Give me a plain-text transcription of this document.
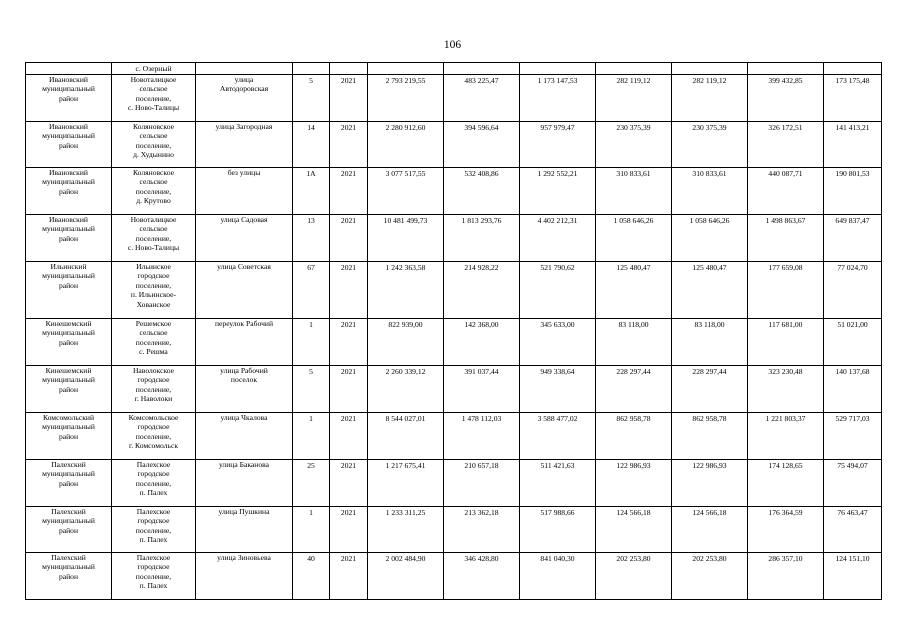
106
	с. Озерный										
Ивановский
муниципальный
район	Новоталицкое
сельское
поселение,
с. Ново-Талицы	улица
Автодоровская	5	2021	2 793 219,55	483 225,47	1 173 147,53	282 119,12	282 119,12	399 432,85	173 175,48
Ивановский
муниципальный
район	Коляновское
сельское
поселение,
д. Худынино	улица Загородная	14	2021	2 280 912,60	394 596,64	957 979,47	230 375,39	230 375,39	326 172,51	141 413,21
Ивановский
муниципальный
район	Коляновское
сельское
поселение,
д. Крутово	без улицы	1А	2021	3 077 517,55	532 408,86	1 292 552,21	310 833,61	310 833,61	440 087,71	190 801,53
Ивановский
муниципальный
район	Новоталицкое
сельское
поселение,
с. Ново-Талицы	улица Садовая	13	2021	10 481 499,73	1 813 293,76	4 402 212,31	1 058 646,26	1 058 646,26	1 498 863,67	649 837,47
Ильинский
муниципальный
район	Ильинское
городское
поселение,
п. Ильинское-
Хованское	улица Советская	67	2021	1 242 363,58	214 928,22	521 790,62	125 480,47	125 480,47	177 659,08	77 024,70
Кинешемский
муниципальный
район	Решемское
сельское
поселение,
с. Решма	переулок Рабочий	1	2021	822 939,00	142 368,00	345 633,00	83 118,00	83 118,00	117 681,00	51 021,00
Кинешемский
муниципальный
район	Наволокское
городское
поселение,
г. Наволоки	улица Рабочий
поселок	5	2021	2 260 339,12	391 037,44	949 338,64	228 297,44	228 297,44	323 230,48	140 137,68
Комсомольский
муниципальный
район	Комсомольское
городское
поселение,
г. Комсомольск	улица Чкалова	1	2021	8 544 027,01	1 478 112,03	3 588 477,02	862 958,78	862 958,78	1 221 803,37	529 717,03
Палехский
муниципальный
район	Палехское
городское
поселение,
п. Палех	улица Баканова	25	2021	1 217 675,41	210 657,18	511 421,63	122 986,93	122 986,93	174 128,65	75 494,07
Палехский
муниципальный
район	Палехское
городское
поселение,
п. Палех	улица Пушкина	1	2021	1 233 311,25	213 362,18	517 988,66	124 566,18	124 566,18	176 364,59	76 463,47
Палехский
муниципальный
район	Палехское
городское
поселение,
п. Палех	улица Зиновьева	40	2021	2 002 484,90	346 428,80	841 040,30	202 253,80	202 253,80	286 357,10	124 151,10
